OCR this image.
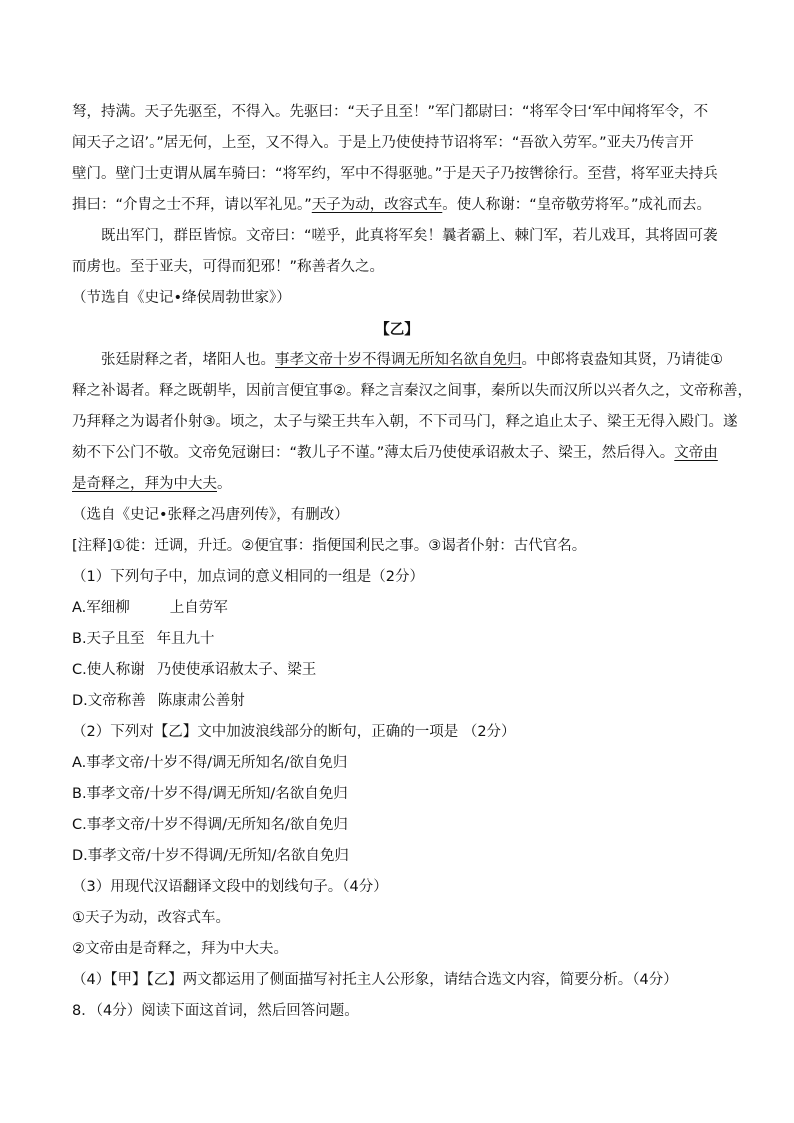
弩，持满。天子先驱至，不得入。先驱曰：“天子且至！”军门都尉曰：“将军令曰‘军中闻将军令，不
闻天子之诏’。”居无何，上至，又不得入。于是上乃使使持节诏将军：“吾欲入劳军。”亚夫乃传言开
壁门。壁门士吏谓从属车骑曰：“将军约，军中不得驱驰。”于是天子乃按辔徐行。至营，将军亚夫持兵
揖曰：“介胄之士不拜，请以军礼见。”天子为动，改容式车。使人称谢：“皇帝敬劳将军。”成礼而去。
既出军门，群臣皆惊。文帝曰：“嗟乎，此真将军矣！曩者霸上、棘门军，若儿戏耳，其将固可袭
而虏也。至于亚夫，可得而犯邪！”称善者久之。
（节选自《史记•绛侯周勃世家》）
【乙】
张廷尉释之者，堵阳人也。事孝文帝十岁不得调无所知名欲自免归。中郎将袁盎知其贤，乃请徙①
释之补谒者。释之既朝毕，因前言便宜事②。释之言秦汉之间事，秦所以失而汉所以兴者久之，文帝称善，
乃拜释之为谒者仆射③。顷之，太子与梁王共车入朝，不下司马门，释之追止太子、梁王无得入殿门。遂
劾不下公门不敬。文帝免冠谢曰：“教儿子不谨。”薄太后乃使使承诏赦太子、梁王，然后得入。文帝由
是奇释之，拜为中大夫。
（选自《史记•张释之冯唐列传》，有删改）
[注释]①徙：迁调，升迁。②便宜事：指便国利民之事。③谒者仆射：古代官名。
（1）下列句子中，加点词的意义相同的一组是（2分）
A.军细柳	上自劳军
B.天子且至 年且九十
C.使人称谢 乃使使承诏赦太子、梁王
D.文帝称善 陈康肃公善射
（2）下列对【乙】文中加波浪线部分的断句，正确的一项是 （2分）
A.事孝文帝/十岁不得/调无所知名/欲自免归
B.事孝文帝/十岁不得/调无所知/名欲自免归
C.事孝文帝/十岁不得调/无所知名/欲自免归
D.事孝文帝/十岁不得调/无所知/名欲自免归
（3）用现代汉语翻译文段中的划线句子。（4分）
①天子为动，改容式车。
②文帝由是奇释之，拜为中大夫。
（4）【甲】【乙】两文都运用了侧面描写衬托主人公形象，请结合选文内容，简要分析。（4分）
8．（4分）阅读下面这首词，然后回答问题。
